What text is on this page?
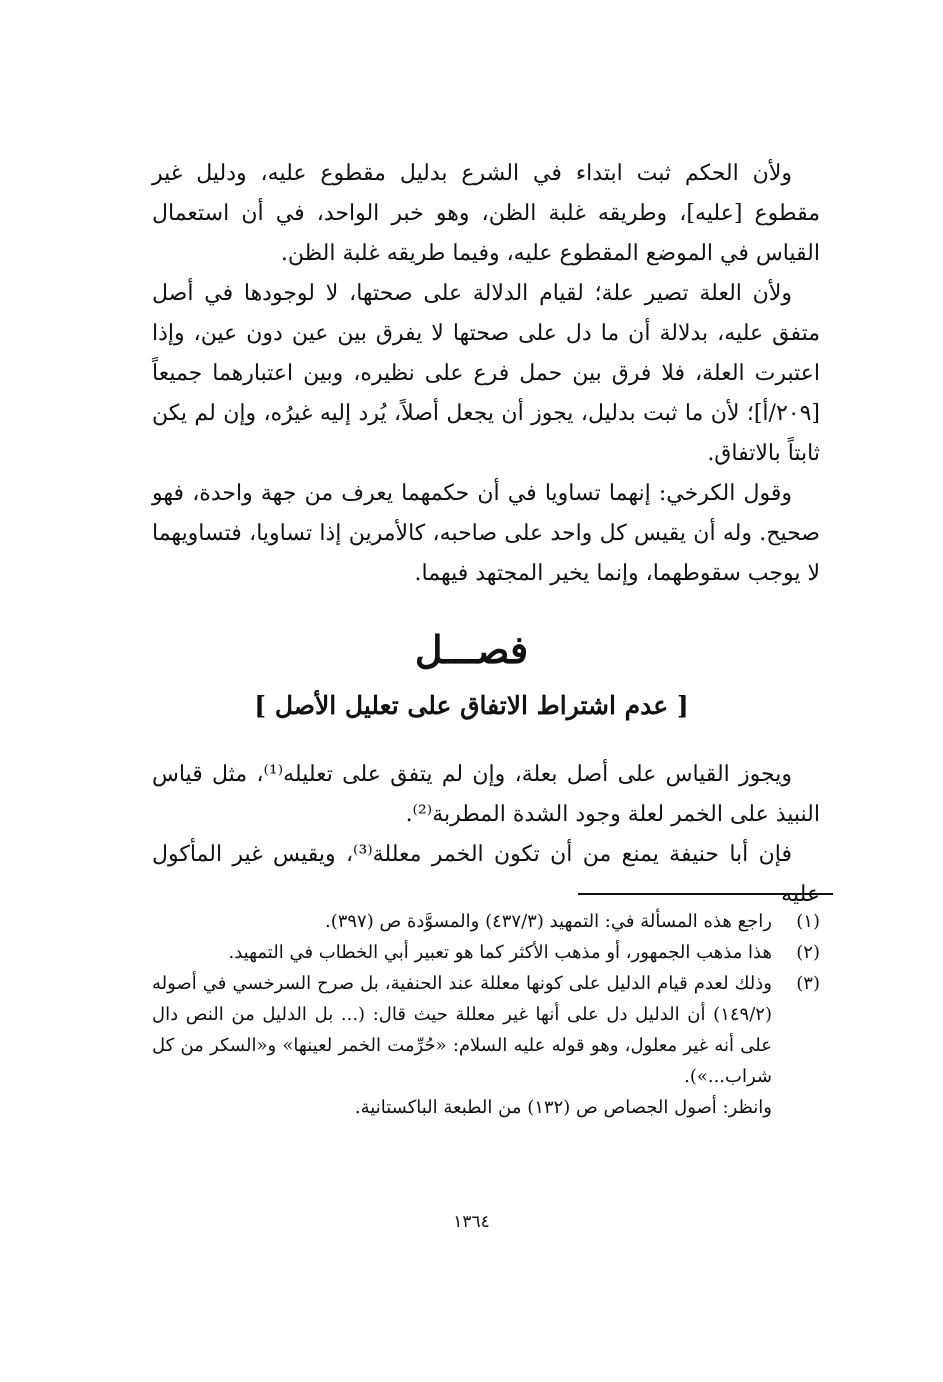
ولأن الحكم ثبت ابتداء في الشرع بدليل مقطوع عليه، ودليل غير مقطوع [عليه]، وطريقه غلبة الظن، وهو خبر الواحد، في أن استعمال القياس في الموضع المقطوع عليه، وفيما طريقه غلبة الظن.

ولأن العلة تصير علة؛ لقيام الدلالة على صحتها، لا لوجودها في أصل متفق عليه، بدلالة أن ما دل على صحتها لا يفرق بين عين دون عين، وإذا اعتبرت العلة، فلا فرق بين حمل فرع على نظيره، وبين اعتبارهما جميعاً [٢٠٩/أ]؛ لأن ما ثبت بدليل، يجوز أن يجعل أصلاً، يُرد إليه غيرُه، وإن لم يكن ثابتاً بالاتفاق.

وقول الكرخي: إنهما تساويا في أن حكمهما يعرف من جهة واحدة، فهو صحيح. وله أن يقيس كل واحد على صاحبه، كالأمرين إذا تساويا، فتساويهما لا يوجب سقوطهما، وإنما يخير المجتهد فيهما.

فصـــل
[ عدم اشتراط الاتفاق على تعليل الأصل ]

ويجوز القياس على أصل بعلة، وإن لم يتفق على تعليله⁽¹⁾، مثل قياس النبيذ على الخمر لعلة وجود الشدة المطربة⁽²⁾.

فإن أبا حنيفة يمنع من أن تكون الخمر معللة⁽³⁾، ويقيس غير المأكول عليه

(١)
راجع هذه المسألة في: التمهيد (٤٣٧/٣) والمسوَّدة ص (٣٩٧).
(٢)
هذا مذهب الجمهور، أو مذهب الأكثر كما هو تعبير أبي الخطاب في التمهيد.
(٣)
وذلك لعدم قيام الدليل على كونها معللة عند الحنفية، بل صرح السرخسي في أصوله (١٤٩/٢) أن الدليل دل على أنها غير معللة حيث قال: (... بل الدليل من النص دال على أنه غير معلول، وهو قوله عليه السلام: «حُرِّمت الخمر لعينها» و«السكر من كل شراب...»).
وانظر: أصول الجصاص ص (١٣٢) من الطبعة الباكستانية.
١٣٦٤
